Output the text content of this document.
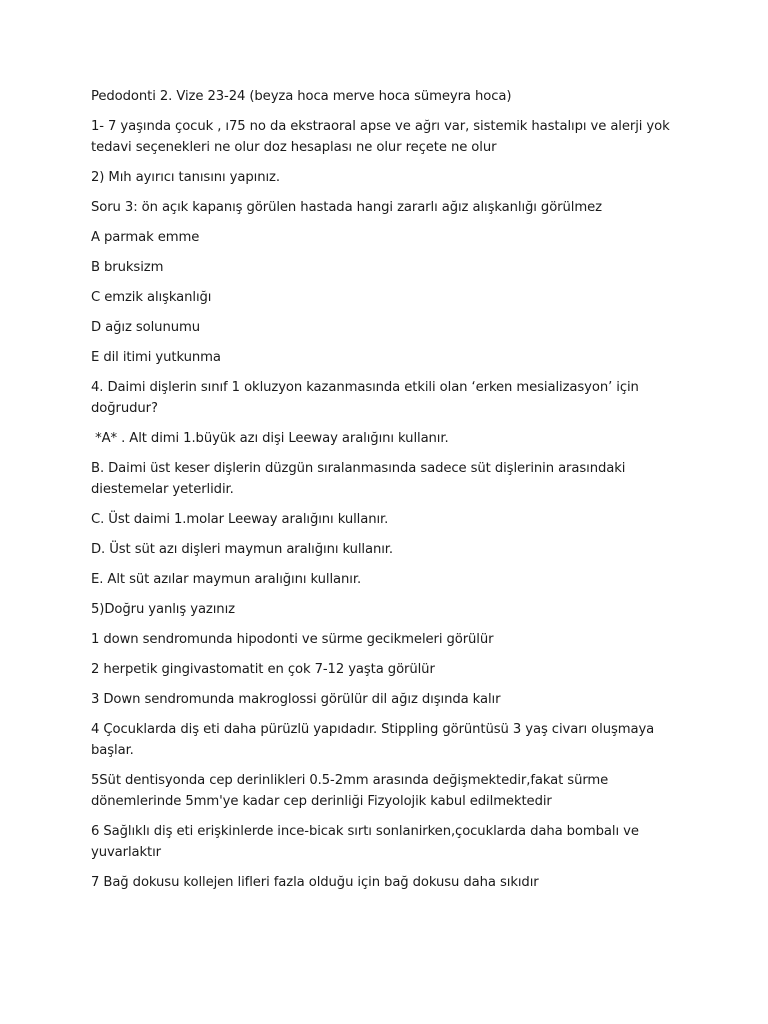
Pedodonti 2. Vize 23-24 (beyza hoca merve hoca sümeyra hoca)

1- 7 yaşında çocuk , ı75 no da ekstraoral apse ve ağrı var, sistemik hastalıpı ve alerji yok tedavi seçenekleri ne olur doz hesaplası ne olur reçete ne olur

2) Mıh ayırıcı tanısını yapınız.

Soru 3: ön açık kapanış görülen hastada hangi zararlı ağız alışkanlığı görülmez

A parmak emme

B bruksizm

C emzik alışkanlığı

D ağız solunumu

E dil itimi yutkunma

4. Daimi dişlerin sınıf 1 okluzyon kazanmasında etkili olan ‘erken mesializasyon’ için doğrudur?

*A* . Alt dimi 1.büyük azı dişi Leeway aralığını kullanır.

B. Daimi üst keser dişlerin düzgün sıralanmasında sadece süt dişlerinin arasındaki diestemelar yeterlidir.

C. Üst daimi 1.molar Leeway aralığını kullanır.

D. Üst süt azı dişleri maymun aralığını kullanır.

E. Alt süt azılar maymun aralığını kullanır.

5)Doğru yanlış yazınız

1 down sendromunda hipodonti ve sürme gecikmeleri görülür

2 herpetik gingivastomatit en çok 7-12 yaşta görülür

3 Down sendromunda makroglossi görülür dil ağız dışında kalır

4 Çocuklarda diş eti daha pürüzlü yapıdadır. Stippling görüntüsü 3 yaş civarı oluşmaya başlar.

5Süt dentisyonda cep derinlikleri 0.5-2mm arasında değişmektedir,fakat sürme dönemlerinde 5mm'ye kadar cep derinliği Fizyolojik kabul edilmektedir

6 Sağlıklı diş eti erişkinlerde ince-bicak sırtı sonlanirken,çocuklarda daha bombalı ve yuvarlaktır

7 Bağ dokusu kollejen lifleri fazla olduğu için bağ dokusu daha sıkıdır
